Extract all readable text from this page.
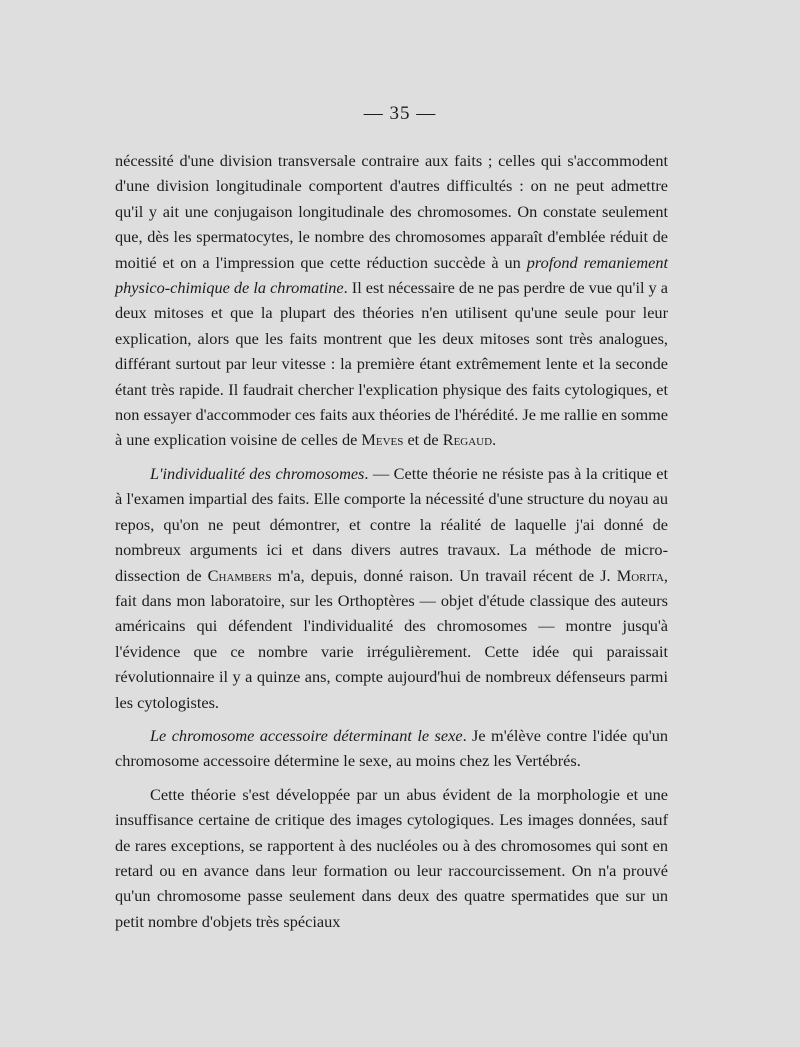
— 35 —

nécessité d'une division transversale contraire aux faits ; celles qui s'accommodent d'une division longitudinale comportent d'autres difficultés : on ne peut admettre qu'il y ait une conjugaison longitudinale des chromosomes. On constate seulement que, dès les spermatocytes, le nombre des chromosomes apparaît d'emblée réduit de moitié et on a l'impression que cette réduction succède à un profond remaniement physico-chimique de la chromatine. Il est nécessaire de ne pas perdre de vue qu'il y a deux mitoses et que la plupart des théories n'en utilisent qu'une seule pour leur explication, alors que les faits montrent que les deux mitoses sont très analogues, différant surtout par leur vitesse : la première étant extrêmement lente et la seconde étant très rapide. Il faudrait chercher l'explication physique des faits cytologiques, et non essayer d'accommoder ces faits aux théories de l'hérédité. Je me rallie en somme à une explication voisine de celles de Meves et de Regaud.

L'individualité des chromosomes. — Cette théorie ne résiste pas à la critique et à l'examen impartial des faits. Elle comporte la nécessité d'une structure du noyau au repos, qu'on ne peut démontrer, et contre la réalité de laquelle j'ai donné de nombreux arguments ici et dans divers autres travaux. La méthode de micro-dissection de Chambers m'a, depuis, donné raison. Un travail récent de J. Morita, fait dans mon laboratoire, sur les Orthoptères — objet d'étude classique des auteurs américains qui défendent l'individualité des chromosomes — montre jusqu'à l'évidence que ce nombre varie irrégulièrement. Cette idée qui paraissait révolutionnaire il y a quinze ans, compte aujourd'hui de nombreux défenseurs parmi les cytologistes.

Le chromosome accessoire déterminant le sexe. Je m'élève contre l'idée qu'un chromosome accessoire détermine le sexe, au moins chez les Vertébrés.

Cette théorie s'est développée par un abus évident de la morphologie et une insuffisance certaine de critique des images cytologiques. Les images données, sauf de rares exceptions, se rapportent à des nucléoles ou à des chromosomes qui sont en retard ou en avance dans leur formation ou leur raccourcissement. On n'a prouvé qu'un chromosome passe seulement dans deux des quatre spermatides que sur un petit nombre d'objets très spéciaux
